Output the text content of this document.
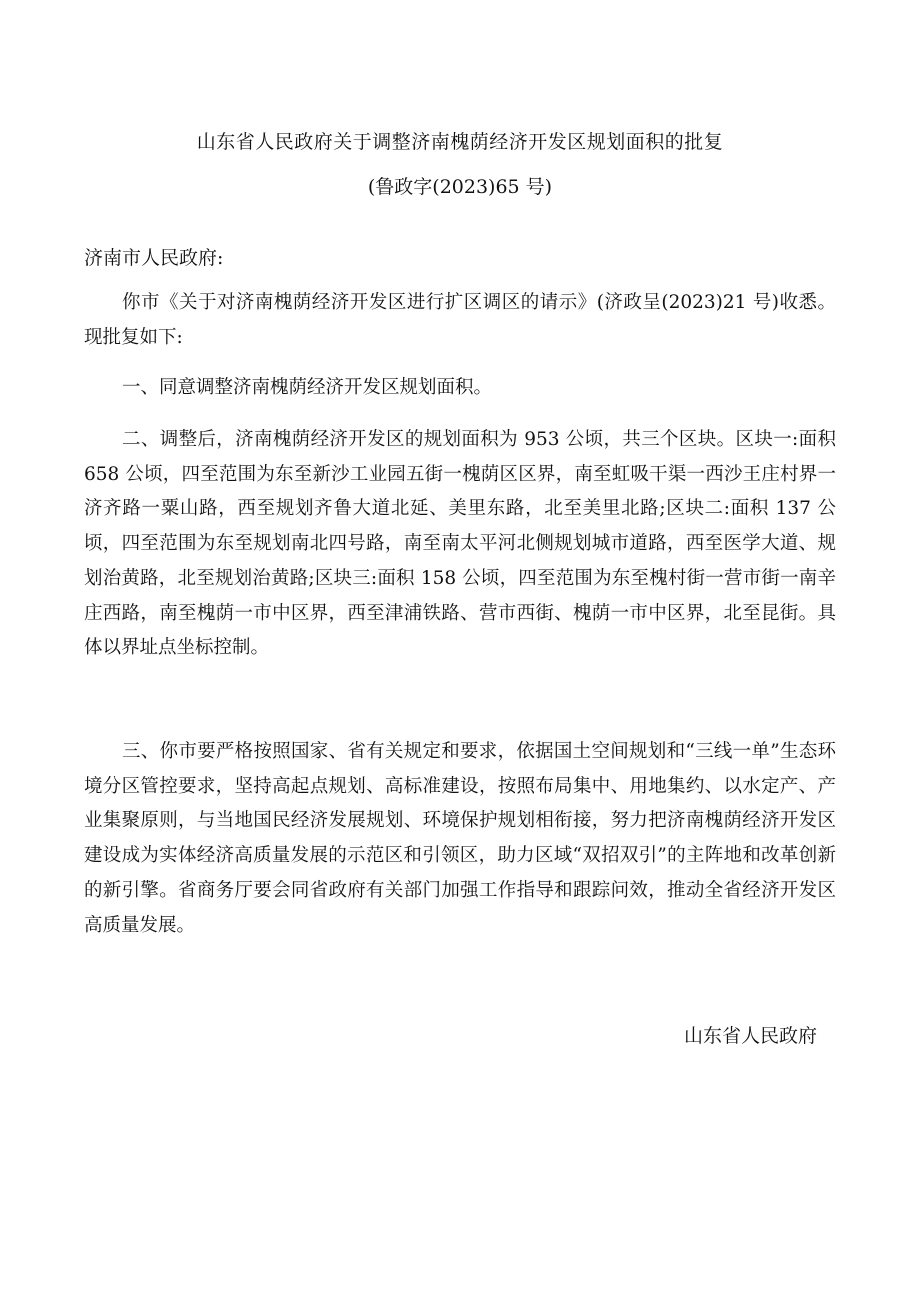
山东省人民政府关于调整济南槐荫经济开发区规划面积的批复
(鲁政字(2023)65 号)
济南市人民政府:

你市《关于对济南槐荫经济开发区进行扩区调区的请示》(济政呈(2023)21 号)收悉。现批复如下:

一、同意调整济南槐荫经济开发区规划面积。

二、调整后，济南槐荫经济开发区的规划面积为 953 公顷，共三个区块。区块一:面积 658 公顷，四至范围为东至新沙工业园五街一槐荫区区界，南至虹吸干渠一西沙王庄村界一济齐路一粟山路，西至规划齐鲁大道北延、美里东路，北至美里北路;区块二:面积 137 公顷，四至范围为东至规划南北四号路，南至南太平河北侧规划城市道路，西至医学大道、规划治黄路，北至规划治黄路;区块三:面积 158 公顷，四至范围为东至槐村街一营市街一南辛庄西路，南至槐荫一市中区界，西至津浦铁路、营市西街、槐荫一市中区界，北至昆街。具体以界址点坐标控制。

三、你市要严格按照国家、省有关规定和要求，依据国土空间规划和“三线一单”生态环境分区管控要求，坚持高起点规划、高标准建设，按照布局集中、用地集约、以水定产、产业集聚原则，与当地国民经济发展规划、环境保护规划相衔接，努力把济南槐荫经济开发区建设成为实体经济高质量发展的示范区和引领区，助力区域“双招双引”的主阵地和改革创新的新引擎。省商务厅要会同省政府有关部门加强工作指导和跟踪问效，推动全省经济开发区高质量发展。

山东省人民政府
